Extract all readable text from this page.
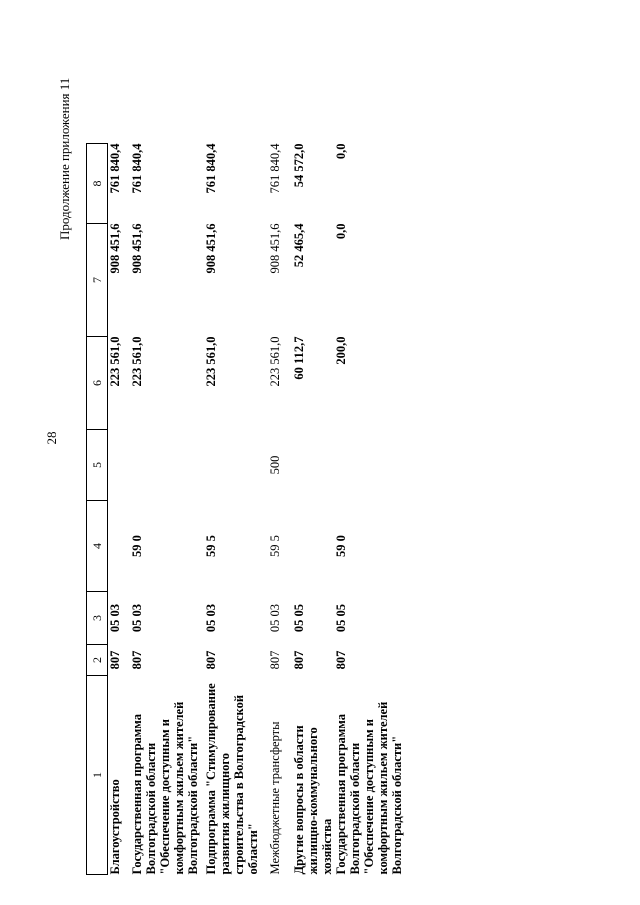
28
Продолжение приложения 11
1	2	3	4	5	6	7	8
Благоустройство	807	05 03			223 561,0	908 451,6	761 840,4
Государственная программа Волгоградской области "Обеспечение доступным и комфортным жильем жителей Волгоградской области"	807	05 03	59 0		223 561,0	908 451,6	761 840,4
Подпрограмма "Стимулирование развития жилищного строительства в Волгоградской области"	807	05 03	59 5		223 561,0	908 451,6	761 840,4
Межбюджетные трансферты	807	05 03	59 5	500	223 561,0	908 451,6	761 840,4
Другие вопросы в области жилищно-коммунального хозяйства	807	05 05			60 112,7	52 465,4	54 572,0
Государственная программа Волгоградской области "Обеспечение доступным и комфортным жильем жителей Волгоградской области"	807	05 05	59 0		200,0	0,0	0,0
